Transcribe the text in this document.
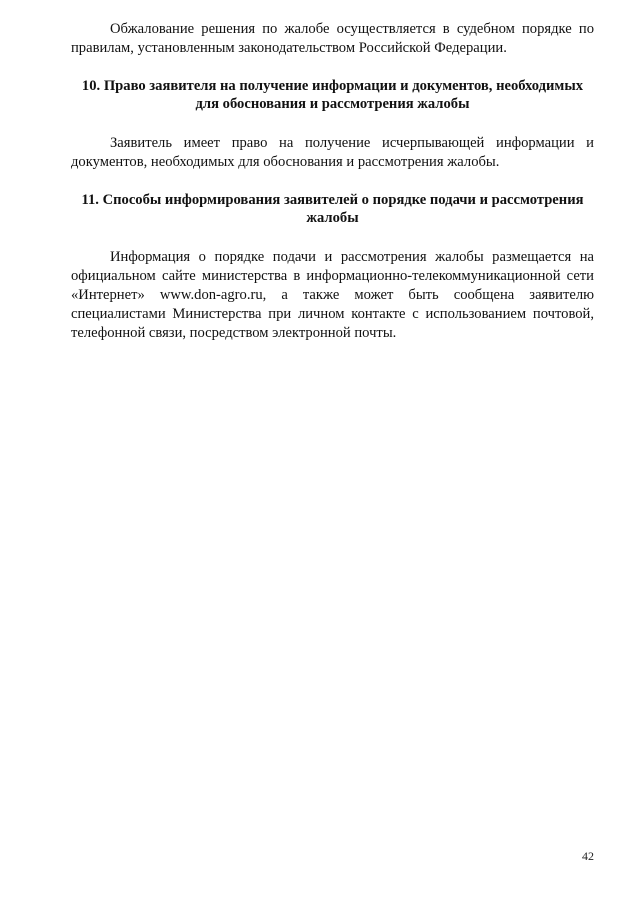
Обжалование решения по жалобе осуществляется в судебном порядке по правилам, установленным законодательством Российской Федерации.

10. Право заявителя на получение информации и документов, необходимых для обоснования и рассмотрения жалобы

Заявитель имеет право на получение исчерпывающей информации и документов, необходимых для обоснования и рассмотрения жалобы.

11. Способы информирования заявителей о порядке подачи и рассмотрения жалобы

Информация о порядке подачи и рассмотрения жалобы размещается на официальном сайте министерства в информационно-телекоммуникационной сети «Интернет» www.don-agro.ru, а также может быть сообщена заявителю специалистами Министерства при личном контакте с использованием почтовой, телефонной связи, посредством электронной почты.

42
